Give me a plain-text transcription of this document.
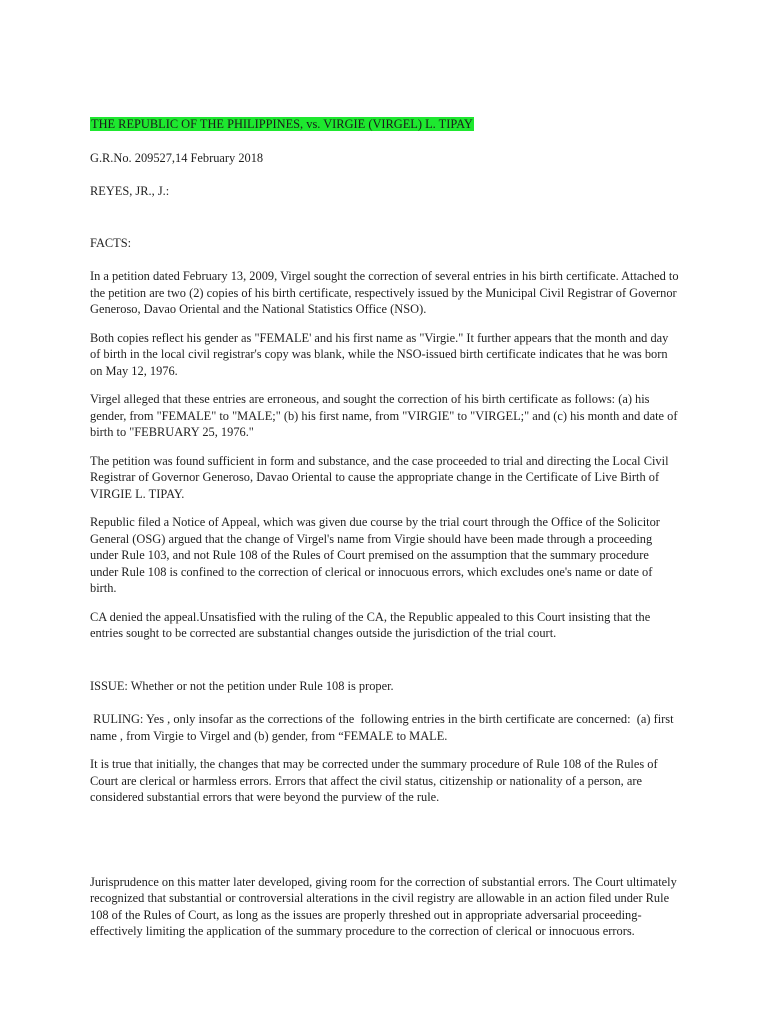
THE REPUBLIC OF THE PHILIPPINES, vs. VIRGIE (VIRGEL) L. TIPAY

G.R.No. 209527,14 February 2018

REYES, JR., J.:

FACTS:

In a petition dated February 13, 2009, Virgel sought the correction of several entries in his birth certificate. Attached to the petition are two (2) copies of his birth certificate, respectively issued by the Municipal Civil Registrar of Governor Generoso, Davao Oriental and the National Statistics Office (NSO).

Both copies reflect his gender as "FEMALE' and his first name as "Virgie." It further appears that the month and day of birth in the local civil registrar's copy was blank, while the NSO-issued birth certificate indicates that he was born on May 12, 1976.

Virgel alleged that these entries are erroneous, and sought the correction of his birth certificate as follows: (a) his gender, from "FEMALE" to "MALE;" (b) his first name, from "VIRGIE" to "VIRGEL;" and (c) his month and date of birth to "FEBRUARY 25, 1976."

The petition was found sufficient in form and substance, and the case proceeded to trial and directing the Local Civil Registrar of Governor Generoso, Davao Oriental to cause the appropriate change in the Certificate of Live Birth of VIRGIE L. TIPAY.

Republic filed a Notice of Appeal, which was given due course by the trial court through the Office of the Solicitor General (OSG) argued that the change of Virgel's name from Virgie should have been made through a proceeding under Rule 103, and not Rule 108 of the Rules of Court premised on the assumption that the summary procedure under Rule 108 is confined to the correction of clerical or innocuous errors, which excludes one's name or date of birth.

CA denied the appeal.Unsatisfied with the ruling of the CA, the Republic appealed to this Court insisting that the entries sought to be corrected are substantial changes outside the jurisdiction of the trial court.

ISSUE: Whether or not the petition under Rule 108 is proper.

RULING: Yes , only insofar as the corrections of the  following entries in the birth certificate are concerned:  (a) first name , from Virgie to Virgel and (b) gender, from “FEMALE to MALE.

It is true that initially, the changes that may be corrected under the summary procedure of Rule 108 of the Rules of Court are clerical or harmless errors. Errors that affect the civil status, citizenship or nationality of a person, are considered substantial errors that were beyond the purview of the rule.

Jurisprudence on this matter later developed, giving room for the correction of substantial errors. The Court ultimately recognized that substantial or controversial alterations in the civil registry are allowable in an action filed under Rule 108 of the Rules of Court, as long as the issues are properly threshed out in appropriate adversarial proceeding-effectively limiting the application of the summary procedure to the correction of clerical or innocuous errors.
